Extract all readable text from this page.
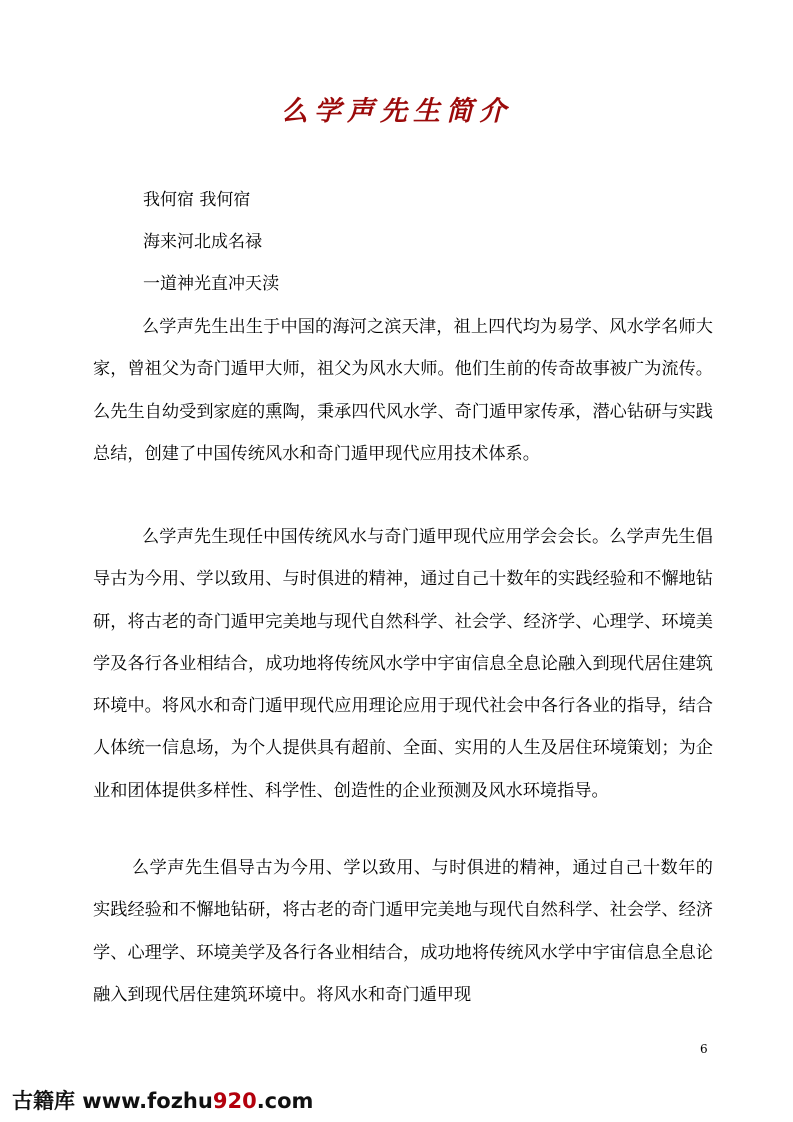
么学声先生简介
我何宿 我何宿
海来河北成名禄
一道神光直冲天渎
么学声先生出生于中国的海河之滨天津，祖上四代均为易学、风水学名师大家，曾祖父为奇门遁甲大师，祖父为风水大师。他们生前的传奇故事被广为流传。么先生自幼受到家庭的熏陶，秉承四代风水学、奇门遁甲家传承，潜心钻研与实践总结，创建了中国传统风水和奇门遁甲现代应用技术体系。
么学声先生现任中国传统风水与奇门遁甲现代应用学会会长。么学声先生倡导古为今用、学以致用、与时俱进的精神，通过自己十数年的实践经验和不懈地钻研，将古老的奇门遁甲完美地与现代自然科学、社会学、经济学、心理学、环境美学及各行各业相结合，成功地将传统风水学中宇宙信息全息论融入到现代居住建筑环境中。将风水和奇门遁甲现代应用理论应用于现代社会中各行各业的指导，结合人体统一信息场，为个人提供具有超前、全面、实用的人生及居住环境策划；为企业和团体提供多样性、科学性、创造性的企业预测及风水环境指导。
么学声先生倡导古为今用、学以致用、与时俱进的精神，通过自己十数年的实践经验和不懈地钻研，将古老的奇门遁甲完美地与现代自然科学、社会学、经济学、心理学、环境美学及各行各业相结合，成功地将传统风水学中宇宙信息全息论融入到现代居住建筑环境中。将风水和奇门遁甲现
6
古籍库 www.fozhu920.com
